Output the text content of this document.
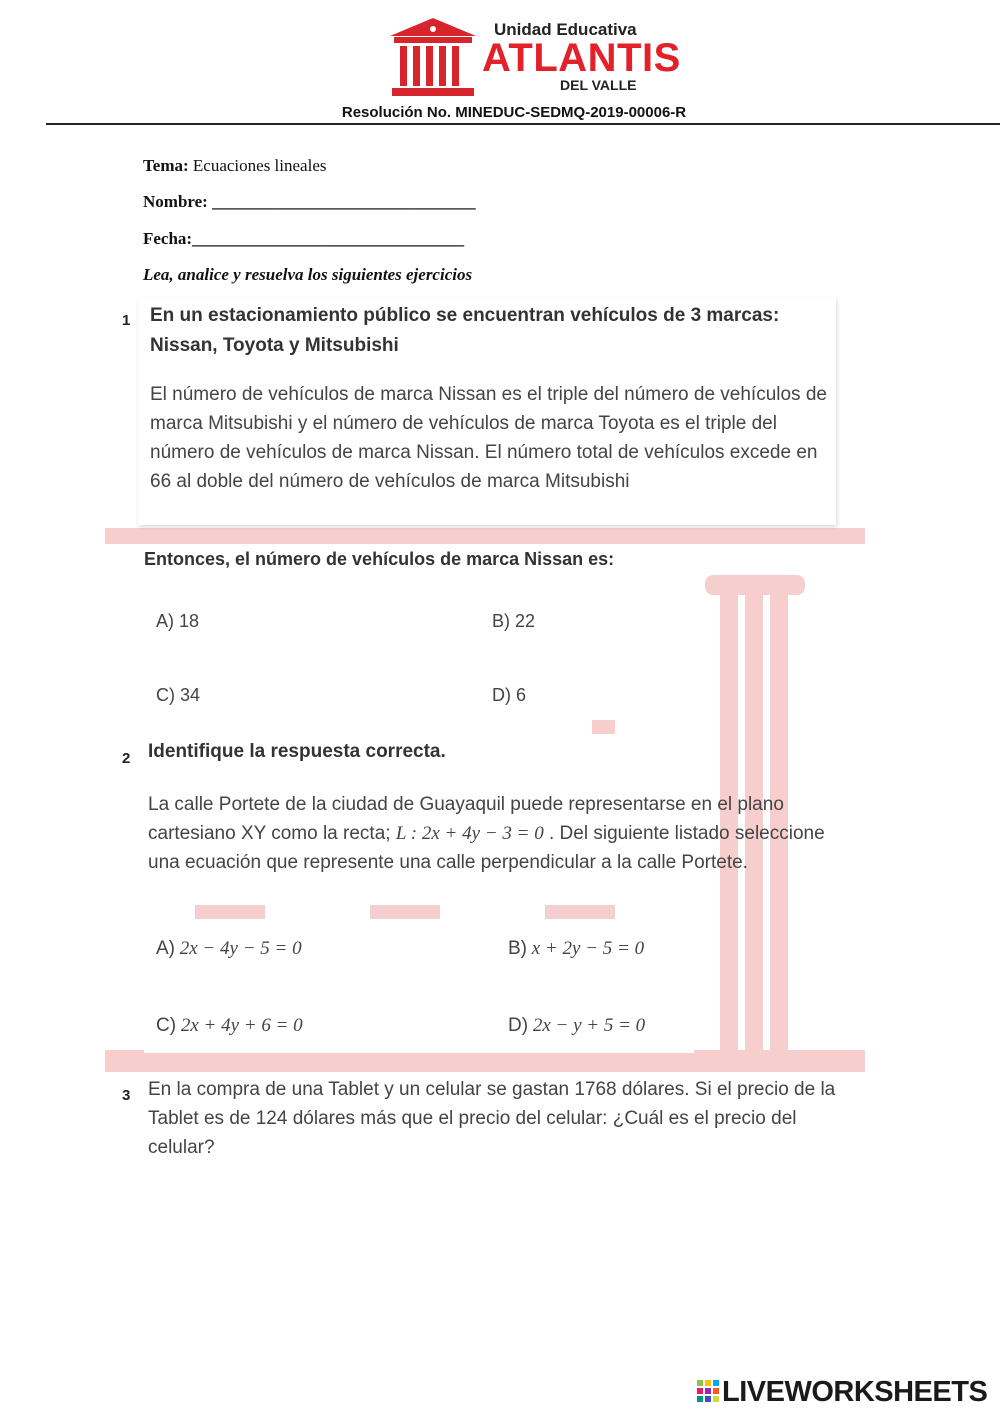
Unidad Educativa
ATLANTIS
DEL VALLE
Resolución No. MINEDUC-SEDMQ-2019-00006-R
Tema: Ecuaciones lineales
Nombre: _______________________________
Fecha:________________________________
Lea, analice y resuelva los siguientes ejercicios
1 En un estacionamiento público se encuentran vehículos de 3 marcas: Nissan, Toyota y Mitsubishi
El número de vehículos de marca Nissan es el triple del número de vehículos de marca Mitsubishi y el número de vehículos de marca Toyota es el triple del número de vehículos de marca Nissan. El número total de vehículos excede en 66 al doble del número de vehículos de marca Mitsubishi
Entonces, el número de vehículos de marca Nissan es:
A) 18	B) 22
C) 34	D) 6
2 Identifique la respuesta correcta.
La calle Portete de la ciudad de Guayaquil puede representarse en el plano cartesiano XY como la recta; L : 2x + 4y − 3 = 0 . Del siguiente listado seleccione una ecuación que represente una calle perpendicular a la calle Portete.
A) 2x − 4y − 5 = 0	B) x + 2y − 5 = 0
C) 2x + 4y + 6 = 0	D) 2x − y + 5 = 0
3 En la compra de una Tablet y un celular se gastan 1768 dólares. Si el precio de la Tablet es de 124 dólares más que el precio del celular: ¿Cuál es el precio del celular?
LIVEWORKSHEETS
